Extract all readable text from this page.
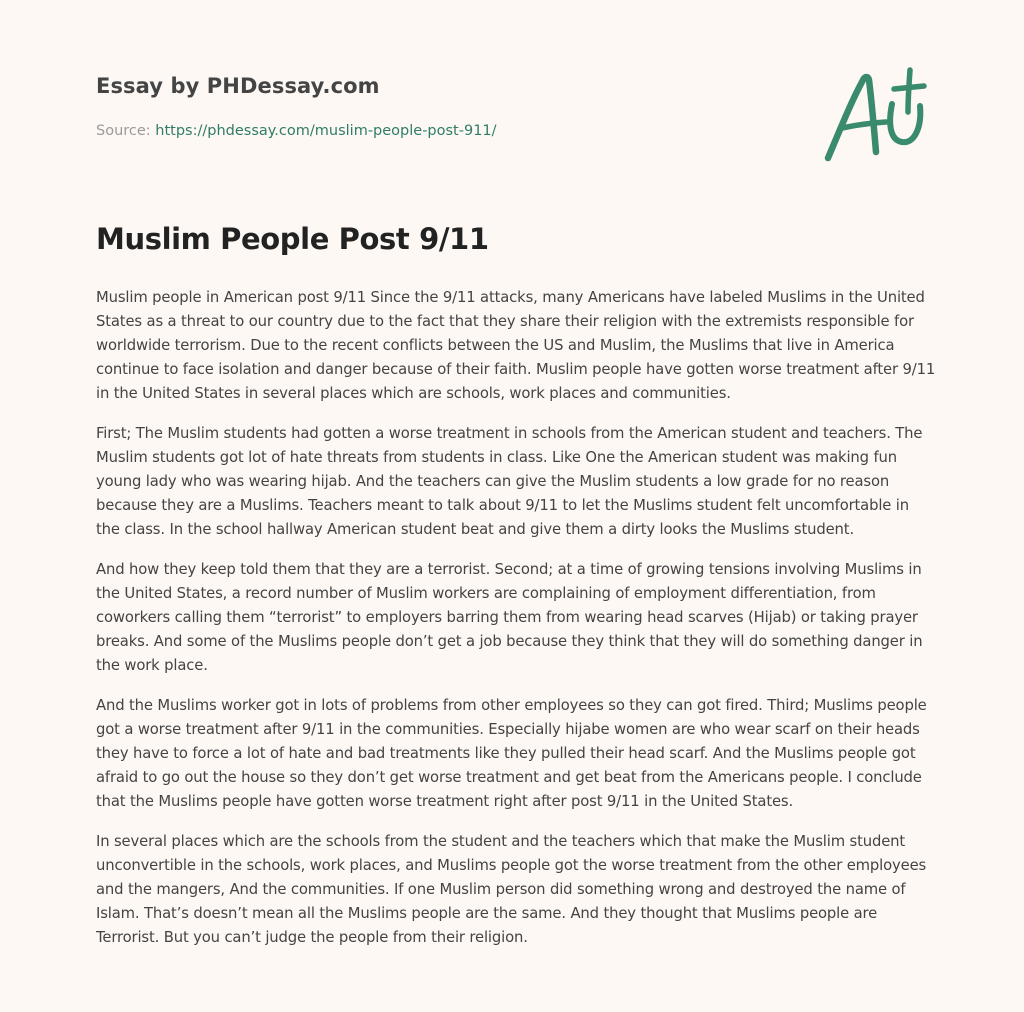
Essay by PHDessay.com
Source: https://phdessay.com/muslim-people-post-911/
Muslim People Post 9/11

Muslim people in American post 9/11 Since the 9/11 attacks, many Americans have labeled Muslims in the United States as a threat to our country due to the fact that they share their religion with the extremists responsible for worldwide terrorism. Due to the recent conflicts between the US and Muslim, the Muslims that live in America continue to face isolation and danger because of their faith. Muslim people have gotten worse treatment after 9/11 in the United States in several places which are schools, work places and communities.

First; The Muslim students had gotten a worse treatment in schools from the American student and teachers. The Muslim students got lot of hate threats from students in class. Like One the American student was making fun young lady who was wearing hijab. And the teachers can give the Muslim students a low grade for no reason because they are a Muslims. Teachers meant to talk about 9/11 to let the Muslims student felt uncomfortable in the class. In the school hallway American student beat and give them a dirty looks the Muslims student.

And how they keep told them that they are a terrorist. Second; at a time of growing tensions involving Muslims in the United States, a record number of Muslim workers are complaining of employment differentiation, from coworkers calling them “terrorist” to employers barring them from wearing head scarves (Hijab) or taking prayer breaks. And some of the Muslims people don’t get a job because they think that they will do something danger in the work place.

And the Muslims worker got in lots of problems from other employees so they can got fired. Third; Muslims people got a worse treatment after 9/11 in the communities. Especially hijabe women are who wear scarf on their heads they have to force a lot of hate and bad treatments like they pulled their head scarf. And the Muslims people got afraid to go out the house so they don’t get worse treatment and get beat from the Americans people. I conclude that the Muslims people have gotten worse treatment right after post 9/11 in the United States.

In several places which are the schools from the student and the teachers which that make the Muslim student unconvertible in the schools, work places, and Muslims people got the worse treatment from the other employees and the mangers, And the communities. If one Muslim person did something wrong and destroyed the name of Islam. That’s doesn’t mean all the Muslims people are the same. And they thought that Muslims people are Terrorist. But you can’t judge the people from their religion.
